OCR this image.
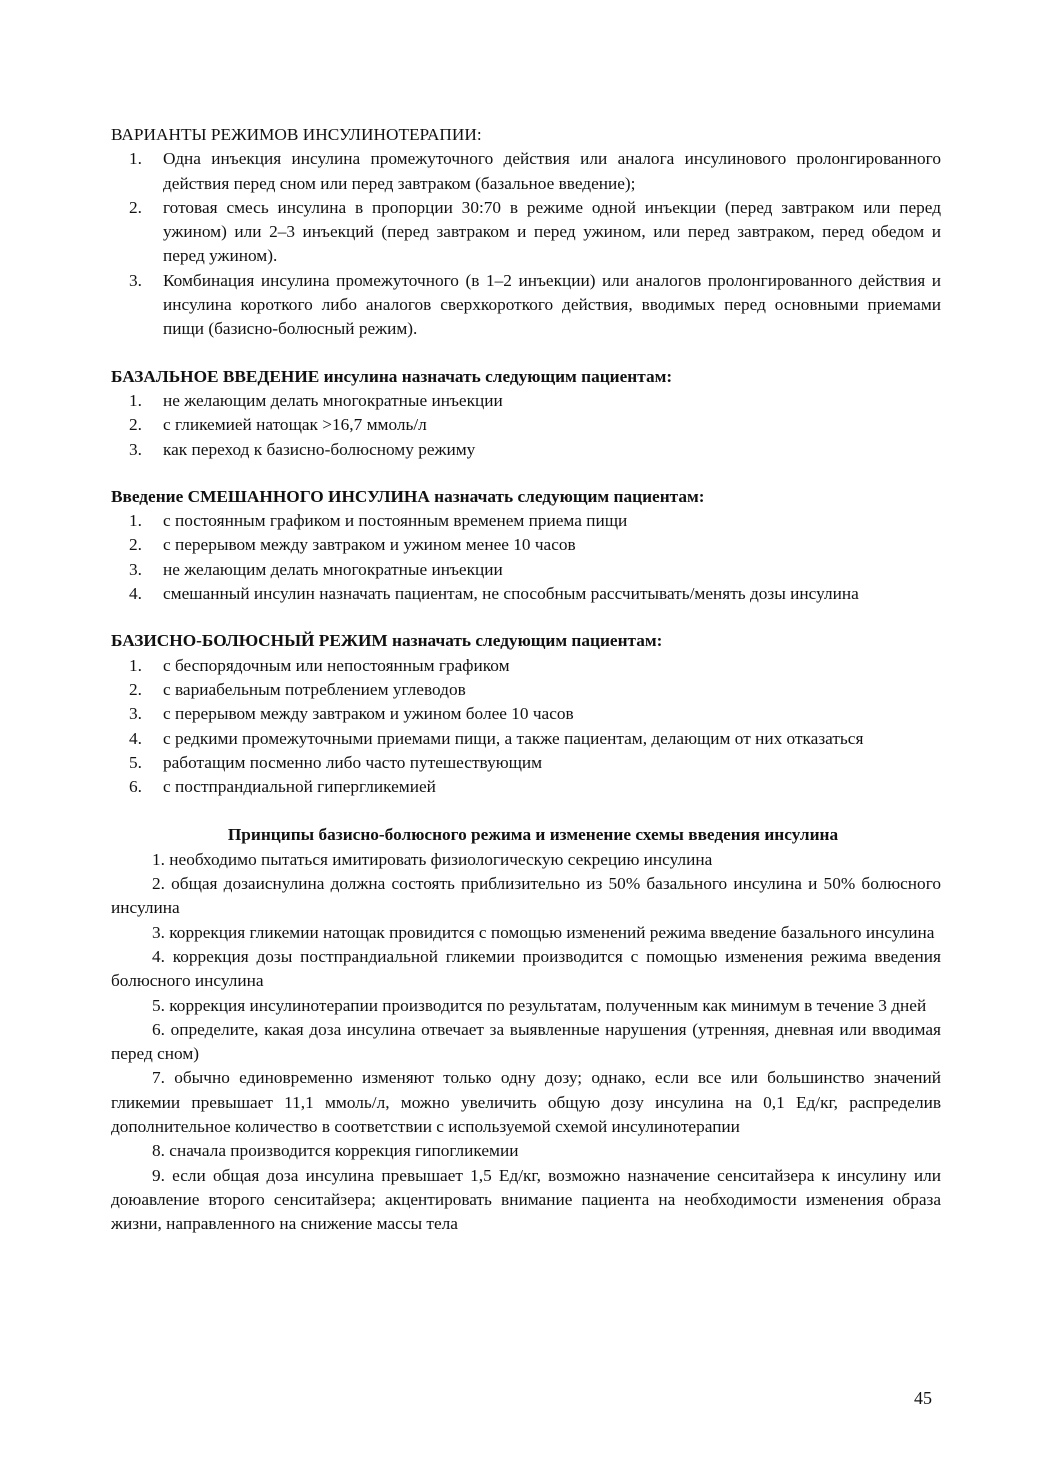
ВАРИАНТЫ РЕЖИМОВ ИНСУЛИНОТЕРАПИИ:

1. Одна инъекция инсулина промежуточного действия или аналога инсулинового пролонгированного действия перед сном или перед завтраком (базальное введение);
2. готовая смесь инсулина в пропорции 30:70 в режиме одной инъекции (перед завтраком или перед ужином) или 2–3 инъекций (перед завтраком и перед ужином, или перед завтраком, перед обедом и перед ужином).
3. Комбинация инсулина промежуточного (в 1–2 инъекции) или аналогов пролонгированного действия и инсулина короткого либо аналогов сверхкороткого действия, вводимых перед основными приемами пищи (базисно-болюсный режим).

БАЗАЛЬНОЕ ВВЕДЕНИЕ инсулина назначать следующим пациентам:

1. не желающим делать многократные инъекции
2. с гликемией натощак >16,7 ммоль/л
3. как переход к базисно-болюсному режиму

Введение СМЕШАННОГО ИНСУЛИНА назначать следующим пациентам:

1. с постоянным графиком и постоянным временем приема пищи
2. с перерывом между завтраком и ужином менее 10 часов
3. не желающим делать многократные инъекции
4. смешанный инсулин назначать пациентам, не способным рассчитывать/менять дозы инсулина

БАЗИСНО-БОЛЮСНЫЙ РЕЖИМ назначать следующим пациентам:

1. с беспорядочным или непостоянным графиком
2. с вариабельным потреблением углеводов
3. с перерывом между завтраком и ужином более 10 часов
4. с редкими промежуточными приемами пищи, а также пациентам, делающим от них отказаться
5. работащим посменно либо часто путешествующим
6. с постпрандиальной гипергликемией

Принципы базисно-болюсного режима и изменение схемы введения инсулина

1. необходимо пытаться имитировать физиологическую секрецию инсулина

2. общая дозаиснулина должна состоять приблизительно из 50% базального инсулина и 50% болюсного инсулина

3. коррекция гликемии натощак провидится с помощью изменений режима введение базального инсулина

4. коррекция дозы постпрандиальной гликемии производится с помощью изменения режима введения болюсного инсулина

5. коррекция инсулинотерапии производится по результатам, полученным как минимум в течение 3 дней

6. определите, какая доза инсулина отвечает за выявленные нарушения (утренняя, дневная или вводимая перед сном)

7. обычно единовременно изменяют только одну дозу; однако, если все или большинство значений гликемии превышает 11,1 ммоль/л, можно увеличить общую дозу инсулина на 0,1 Ед/кг, распределив дополнительное количество в соответствии с используемой схемой инсулинотерапии

8. сначала производится коррекция гипогликемии

9. если общая доза инсулина превышает 1,5 Ед/кг, возможно назначение сенситайзера к инсулину или доюавление второго сенситайзера; акцентировать внимание пациента на необходимости изменения образа жизни, направленного на снижение массы тела

45
